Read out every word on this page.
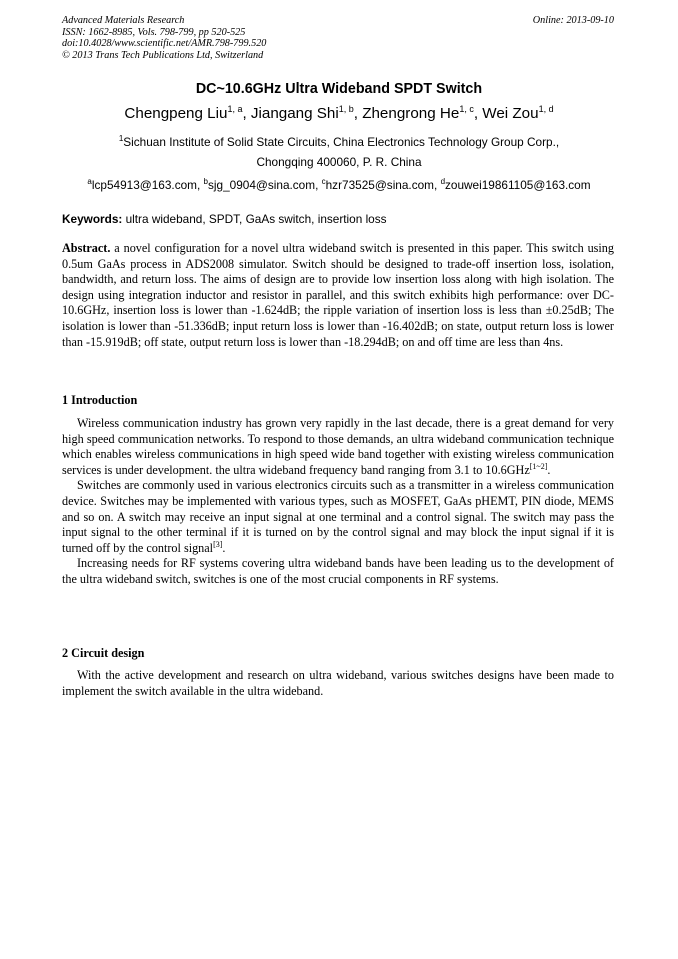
Advanced Materials Research
ISSN: 1662-8985, Vols. 798-799, pp 520-525
doi:10.4028/www.scientific.net/AMR.798-799.520
© 2013 Trans Tech Publications Ltd, Switzerland
Online: 2013-09-10
DC~10.6GHz Ultra Wideband SPDT Switch
Chengpeng Liu$^{1, a}$, Jiangang Shi$^{1, b}$, Zhengrong He$^{1, c}$, Wei Zou$^{1, d}$
$^1$Sichuan Institute of Solid State Circuits, China Electronics Technology Group Corp.,
Chongqing 400060, P. R. China
$^a$lcp54913@163.com, $^b$sjg_0904@sina.com, $^c$hzr73525@sina.com, $^d$zouwei19861105@163.com
Keywords: ultra wideband, SPDT, GaAs switch, insertion loss
Abstract. a novel configuration for a novel ultra wideband switch is presented in this paper. This switch using 0.5um GaAs process in ADS2008 simulator. Switch should be designed to trade-off insertion loss, isolation, bandwidth, and return loss. The aims of design are to provide low insertion loss along with high isolation. The design using integration inductor and resistor in parallel, and this switch exhibits high performance: over DC-10.6GHz, insertion loss is lower than -1.624dB; the ripple variation of insertion loss is less than ±0.25dB; The isolation is lower than -51.336dB; input return loss is lower than -16.402dB; on state, output return loss is lower than -15.919dB; off state, output return loss is lower than -18.294dB; on and off time are less than 4ns.
1 Introduction

Wireless communication industry has grown very rapidly in the last decade, there is a great demand for very high speed communication networks. To respond to those demands, an ultra wideband communication technique which enables wireless communications in high speed wide band together with existing wireless communication services is under development. the ultra wideband frequency band ranging from 3.1 to 10.6GHz[1~2].

Switches are commonly used in various electronics circuits such as a transmitter in a wireless communication device. Switches may be implemented with various types, such as MOSFET, GaAs pHEMT, PIN diode, MEMS and so on. A switch may receive an input signal at one terminal and a control signal. The switch may pass the input signal to the other terminal if it is turned on by the control signal and may block the input signal if it is turned off by the control signal[3].

Increasing needs for RF systems covering ultra wideband bands have been leading us to the development of the ultra wideband switch, switches is one of the most crucial components in RF systems.

2 Circuit design

With the active development and research on ultra wideband, various switches designs have been made to implement the switch available in the ultra wideband.
